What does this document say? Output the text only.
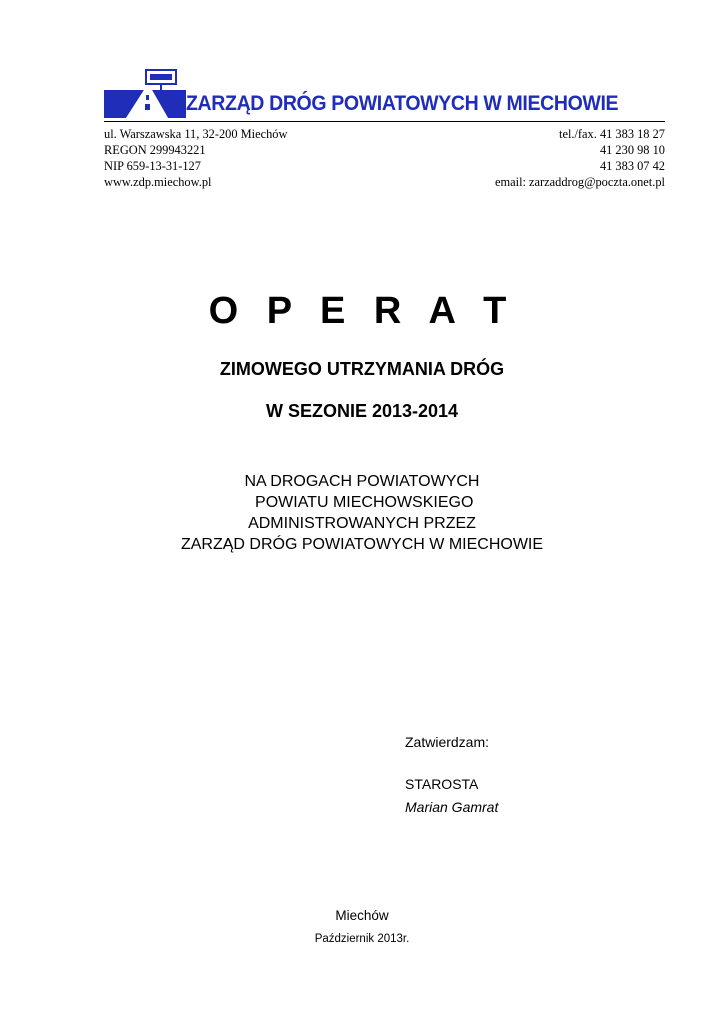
ZARZĄD DRÓG POWIATOWYCH W MIECHOWIE
ul. Warszawska 11, 32-200 Miechów
REGON 299943221
NIP 659-13-31-127
www.zdp.miechow.pl
tel./fax. 41 383 18 27
41 230 98 10
41 383 07 42
email: zarzaddrog@poczta.onet.pl
O P E R A T
ZIMOWEGO UTRZYMANIA DRÓG
W SEZONIE 2013-2014
NA DROGACH POWIATOWYCH
POWIATU MIECHOWSKIEGO
ADMINISTROWANYCH PRZEZ
ZARZĄD DRÓG POWIATOWYCH W MIECHOWIE
Zatwierdzam:
STAROSTA
Marian Gamrat
Miechów
Październik 2013r.
